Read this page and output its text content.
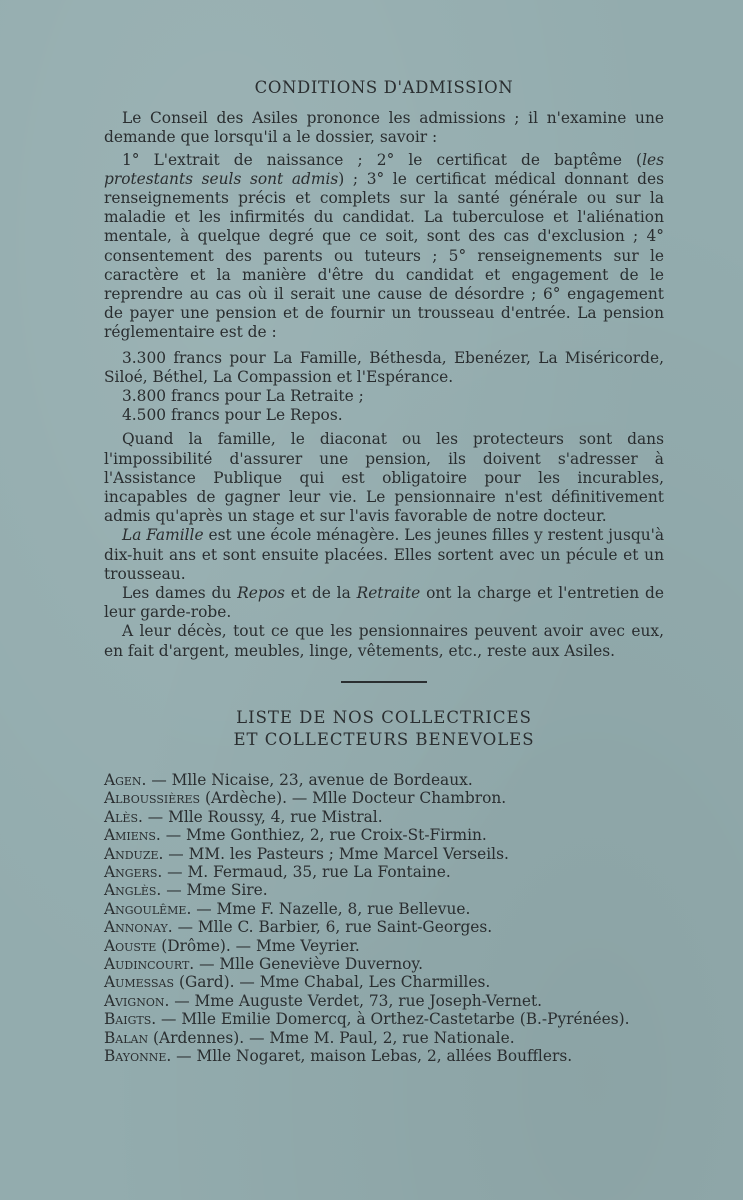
CONDITIONS D'ADMISSION

Le Conseil des Asiles prononce les admissions ; il n'examine une demande que lorsqu'il a le dossier, savoir :

1° L'extrait de naissance ; 2° le certificat de baptême (les protestants seuls sont admis) ; 3° le certificat médical donnant des renseignements précis et complets sur la santé générale ou sur la maladie et les infirmités du candidat. La tuberculose et l'aliénation mentale, à quelque degré que ce soit, sont des cas d'exclusion ; 4° consentement des parents ou tuteurs ; 5° renseignements sur le caractère et la manière d'être du candidat et engagement de le reprendre au cas où il serait une cause de désordre ; 6° engagement de payer une pension et de fournir un trousseau d'entrée. La pension réglementaire est de :

3.300 francs pour La Famille, Béthesda, Ebenézer, La Miséricorde, Siloé, Béthel, La Compassion et l'Espérance.

3.800 francs pour La Retraite ;

4.500 francs pour Le Repos.

Quand la famille, le diaconat ou les protecteurs sont dans l'impossibilité d'assurer une pension, ils doivent s'adresser à l'Assistance Publique qui est obligatoire pour les incurables, incapables de gagner leur vie. Le pensionnaire n'est définitivement admis qu'après un stage et sur l'avis favorable de notre docteur.

La Famille est une école ménagère. Les jeunes filles y restent jusqu'à dix-huit ans et sont ensuite placées. Elles sortent avec un pécule et un trousseau.

Les dames du Repos et de la Retraite ont la charge et l'entretien de leur garde-robe.

A leur décès, tout ce que les pensionnaires peuvent avoir avec eux, en fait d'argent, meubles, linge, vêtements, etc., reste aux Asiles.

LISTE DE NOS COLLECTRICES
ET COLLECTEURS BENEVOLES
Agen. — Mlle Nicaise, 23, avenue de Bordeaux.
Alboussières (Ardèche). — Mlle Docteur Chambron.
Alès. — Mlle Roussy, 4, rue Mistral.
Amiens. — Mme Gonthiez, 2, rue Croix-St-Firmin.
Anduze. — MM. les Pasteurs ; Mme Marcel Verseils.
Angers. — M. Fermaud, 35, rue La Fontaine.
Anglès. — Mme Sire.
Angoulême. — Mme F. Nazelle, 8, rue Bellevue.
Annonay. — Mlle C. Barbier, 6, rue Saint-Georges.
Aouste (Drôme). — Mme Veyrier.
Audincourt. — Mlle Geneviève Duvernoy.
Aumessas (Gard). — Mme Chabal, Les Charmilles.
Avignon. — Mme Auguste Verdet, 73, rue Joseph-Vernet.
Baigts. — Mlle Emilie Domercq, à Orthez-Castetarbe (B.-Pyrénées).
Balan (Ardennes). — Mme M. Paul, 2, rue Nationale.
Bayonne. — Mlle Nogaret, maison Lebas, 2, allées Boufflers.
